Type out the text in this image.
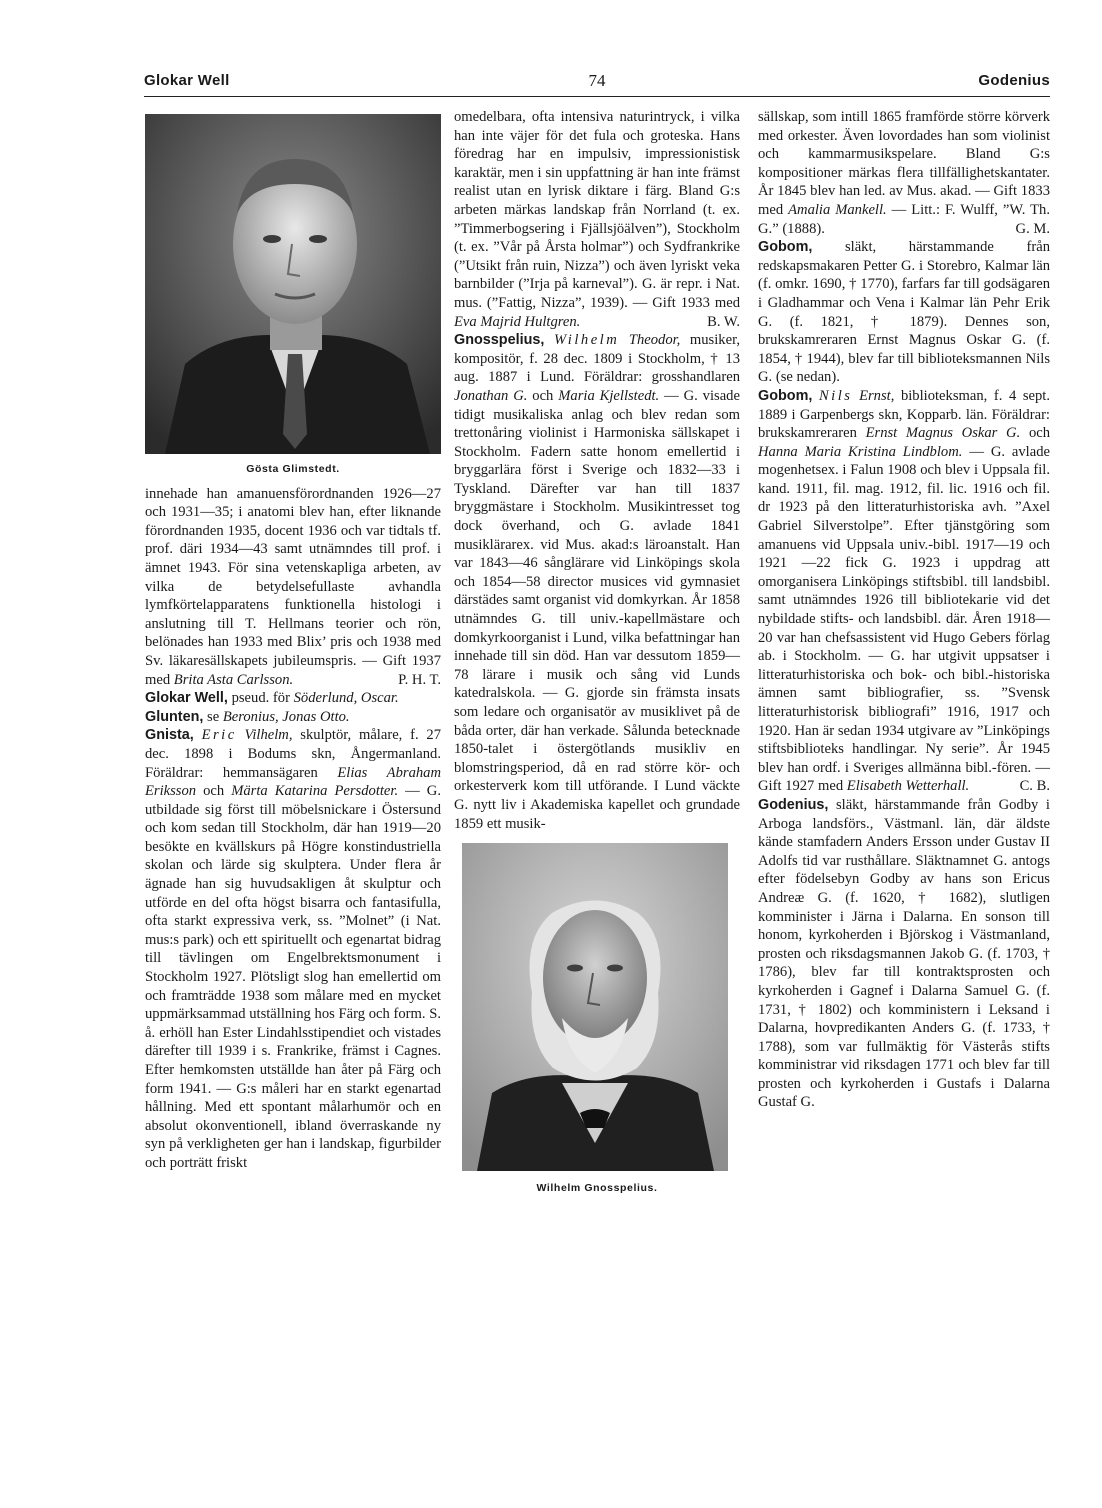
Glokar Well	74	Godenius
Gösta Glimstedt.

innehade han amanuensförordnanden 1926—27 och 1931—35; i anatomi blev han, efter liknande förordnanden 1935, docent 1936 och var tidtals tf. prof. däri 1934—43 samt utnämndes till prof. i ämnet 1943. För sina vetenskapliga arbeten, av vilka de betydelsefullaste avhandla lymfkörtelapparatens funktionella histologi i anslutning till T. Hellmans teorier och rön, belönades han 1933 med Blix’ pris och 1938 med Sv. läkaresällskapets jubileumspris. — Gift 1937 med Brita Asta Carlsson.	P. H. T.

Glokar Well, pseud. för Söderlund, Oscar.

Glunten, se Beronius, Jonas Otto.

Gnista, Eric Vilhelm, skulptör, målare, f. 27 dec. 1898 i Bodums skn, Ångermanland. Föräldrar: hemmansägaren Elias Abraham Eriksson och Märta Katarina Persdotter. — G. utbildade sig först till möbelsnickare i Östersund och kom sedan till Stockholm, där han 1919—20 besökte en kvällskurs på Högre konstindustriella skolan och lärde sig skulptera. Under flera år ägnade han sig huvudsakligen åt skulptur och utförde en del ofta högst bisarra och fantasifulla, ofta starkt expressiva verk, ss. ”Molnet” (i Nat. mus:s park) och ett spirituellt och egenartat bidrag till tävlingen om Engelbrektsmonument i Stockholm 1927. Plötsligt slog han emellertid om och framträdde 1938 som målare med en mycket uppmärksammad utställning hos Färg och form. S. å. erhöll han Ester Lindahlsstipendiet och vistades därefter till 1939 i s. Frankrike, främst i Cagnes. Efter hemkomsten utställde han åter på Färg och form 1941. — G:s måleri har en starkt egenartad hållning. Med ett spontant målarhumör och en absolut okonventionell, ibland överraskande ny syn på verkligheten ger han i landskap, figurbilder och porträtt friskt

omedelbara, ofta intensiva naturintryck, i vilka han inte väjer för det fula och groteska. Hans föredrag har en impulsiv, impressionistisk karaktär, men i sin uppfattning är han inte främst realist utan en lyrisk diktare i färg. Bland G:s arbeten märkas landskap från Norrland (t. ex. ”Timmerbogsering i Fjällsjöälven”), Stockholm (t. ex. ”Vår på Årsta holmar”) och Sydfrankrike (”Utsikt från ruin, Nizza”) och även lyriskt veka barnbilder (”Irja på karneval”). G. är repr. i Nat. mus. (”Fattig, Nizza”, 1939). — Gift 1933 med Eva Majrid Hultgren.	B. W.

Gnosspelius, Wilhelm Theodor, musiker, kompositör, f. 28 dec. 1809 i Stockholm, † 13 aug. 1887 i Lund. Föräldrar: grosshandlaren Jonathan G. och Maria Kjellstedt. — G. visade tidigt musikaliska anlag och blev redan som trettonåring violinist i Harmoniska sällskapet i Stockholm. Fadern satte honom emellertid i bryggarlära först i Sverige och 1832—33 i Tyskland. Därefter var han till 1837 bryggmästare i Stockholm. Musikintresset tog dock överhand, och G. avlade 1841 musiklärarex. vid Mus. akad:s läroanstalt. Han var 1843—46 sånglärare vid Linköpings skola och 1854—58 director musices vid gymnasiet därstädes samt organist vid domkyrkan. År 1858 utnämndes G. till univ.-kapellmästare och domkyrkoorganist i Lund, vilka befattningar han innehade till sin död. Han var dessutom 1859—78 lärare i musik och sång vid Lunds katedralskola. — G. gjorde sin främsta insats som ledare och organisatör av musiklivet på de båda orter, där han verkade. Sålunda betecknade 1850-talet i östergötlands musikliv en blomstringsperiod, då en rad större kör- och orkesterverk kom till utförande. I Lund väckte G. nytt liv i Akademiska kapellet och grundade 1859 ett musik-

Wilhelm Gnosspelius.

sällskap, som intill 1865 framförde större körverk med orkester. Även lovordades han som violinist och kammarmusikspelare. Bland G:s kompositioner märkas flera tillfällighetskantater. År 1845 blev han led. av Mus. akad. — Gift 1833 med Amalia Mankell. — Litt.: F. Wulff, ”W. Th. G.” (1888).	G. M.

Gobom, släkt, härstammande från redskapsmakaren Petter G. i Storebro, Kalmar län (f. omkr. 1690, † 1770), farfars far till godsägaren i Gladhammar och Vena i Kalmar län Pehr Erik G. (f. 1821, † 1879). Dennes son, brukskamreraren Ernst Magnus Oskar G. (f. 1854, † 1944), blev far till biblioteksmannen Nils G. (se nedan).

Gobom, Nils Ernst, biblioteksman, f. 4 sept. 1889 i Garpenbergs skn, Kopparb. län. Föräldrar: brukskamreraren Ernst Magnus Oskar G. och Hanna Maria Kristina Lindblom. — G. avlade mogenhetsex. i Falun 1908 och blev i Uppsala fil. kand. 1911, fil. mag. 1912, fil. lic. 1916 och fil. dr 1923 på den litteraturhistoriska avh. ”Axel Gabriel Silverstolpe”. Efter tjänstgöring som amanuens vid Uppsala univ.-bibl. 1917—19 och 1921 —22 fick G. 1923 i uppdrag att omorganisera Linköpings stiftsbibl. till landsbibl. samt utnämndes 1926 till bibliotekarie vid det nybildade stifts- och landsbibl. där. Åren 1918—20 var han chefsassistent vid Hugo Gebers förlag ab. i Stockholm. — G. har utgivit uppsatser i litteraturhistoriska och bok- och bibl.-historiska ämnen samt bibliografier, ss. ”Svensk litteraturhistorisk bibliografi” 1916, 1917 och 1920. Han är sedan 1934 utgivare av ”Linköpings stiftsbiblioteks handlingar. Ny serie”. År 1945 blev han ordf. i Sveriges allmänna bibl.-fören. — Gift 1927 med Elisabeth Wetterhall.	C. B.

Godenius, släkt, härstammande från Godby i Arboga landsförs., Västmanl. län, där äldste kände stamfadern Anders Ersson under Gustav II Adolfs tid var rusthållare. Släktnamnet G. antogs efter födelsebyn Godby av hans son Ericus Andreæ G. (f. 1620, † 1682), slutligen komminister i Järna i Dalarna. En sonson till honom, kyrkoherden i Björskog i Västmanland, prosten och riksdagsmannen Jakob G. (f. 1703, † 1786), blev far till kontraktsprosten och kyrkoherden i Gagnef i Dalarna Samuel G. (f. 1731, † 1802) och komministern i Leksand i Dalarna, hovpredikanten Anders G. (f. 1733, † 1788), som var fullmäktig för Västerås stifts komministrar vid riksdagen 1771 och blev far till prosten och kyrkoherden i Gustafs i Dalarna Gustaf G.
